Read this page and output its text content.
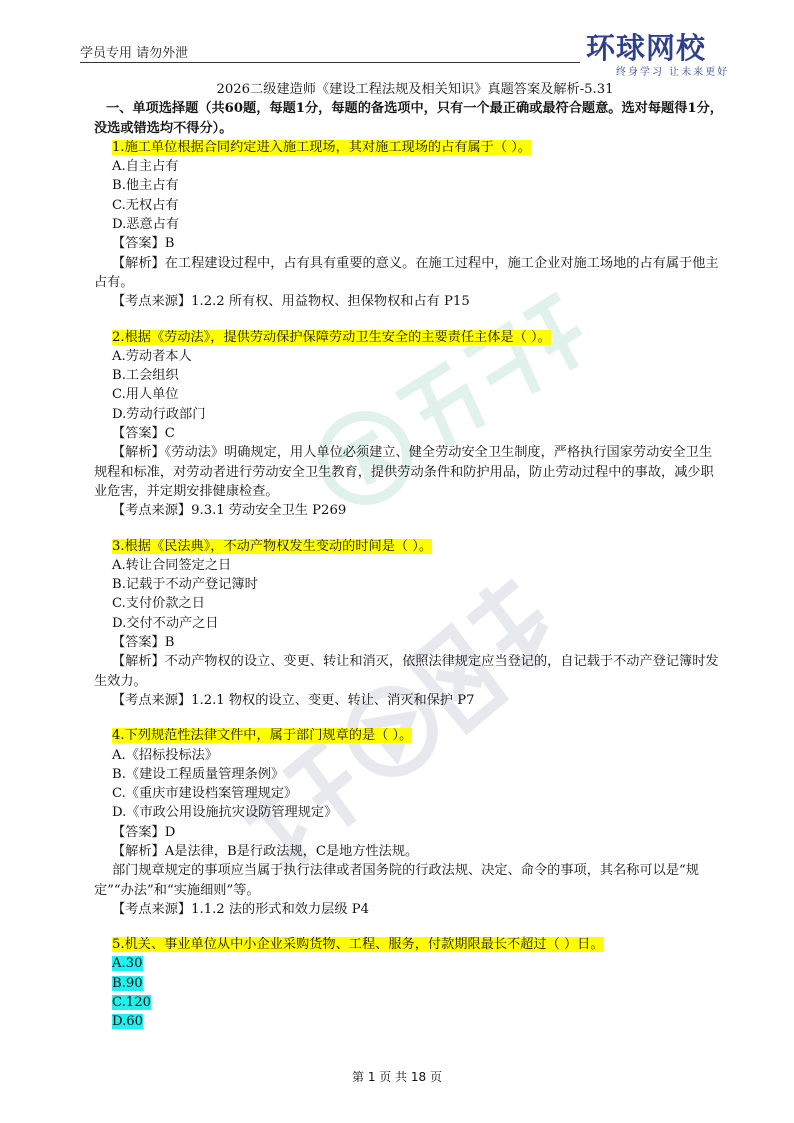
学员专用 请勿外泄	环球网校
终身学习 让未来更好

2026二级建造师《建设工程法规及相关知识》真题答案及解析-5.31

一、单项选择题（共60题，每题1分，每题的备选项中，只有一个最正确或最符合题意。选对每题得1分，没选或错选均不得分）。

1.施工单位根据合同约定进入施工现场，其对施工现场的占有属于（ ）。

A.自主占有

B.他主占有

C.无权占有

D.恶意占有

【答案】B

【解析】在工程建设过程中，占有具有重要的意义。在施工过程中，施工企业对施工场地的占有属于他主占有。

【考点来源】1.2.2 所有权、用益物权、担保物权和占有 P15

2.根据《劳动法》，提供劳动保护保障劳动卫生安全的主要责任主体是（ ）。

A.劳动者本人

B.工会组织

C.用人单位

D.劳动行政部门

【答案】C

【解析】《劳动法》明确规定，用人单位必须建立、健全劳动安全卫生制度，严格执行国家劳动安全卫生规程和标准，对劳动者进行劳动安全卫生教育，提供劳动条件和防护用品，防止劳动过程中的事故，减少职业危害，并定期安排健康检查。

【考点来源】9.3.1 劳动安全卫生 P269

3.根据《民法典》，不动产物权发生变动的时间是（ ）。

A.转让合同签定之日

B.记载于不动产登记簿时

C.支付价款之日

D.交付不动产之日

【答案】B

【解析】不动产物权的设立、变更、转让和消灭，依照法律规定应当登记的，自记载于不动产登记簿时发生效力。

【考点来源】1.2.1 物权的设立、变更、转让、消灭和保护 P7

4.下列规范性法律文件中，属于部门规章的是（ ）。

A.《招标投标法》

B.《建设工程质量管理条例》

C.《重庆市建设档案管理规定》

D.《市政公用设施抗灾设防管理规定》

【答案】D

【解析】A是法律，B是行政法规，C是地方性法规。

部门规章规定的事项应当属于执行法律或者国务院的行政法规、决定、命令的事项，其名称可以是“规定”“办法”和“实施细则”等。

【考点来源】1.1.2 法的形式和效力层级 P4

5.机关、事业单位从中小企业采购货物、工程、服务，付款期限最长不超过（ ）日。

A.30

B.90

C.120

D.60

第 1 页 共 18 页
